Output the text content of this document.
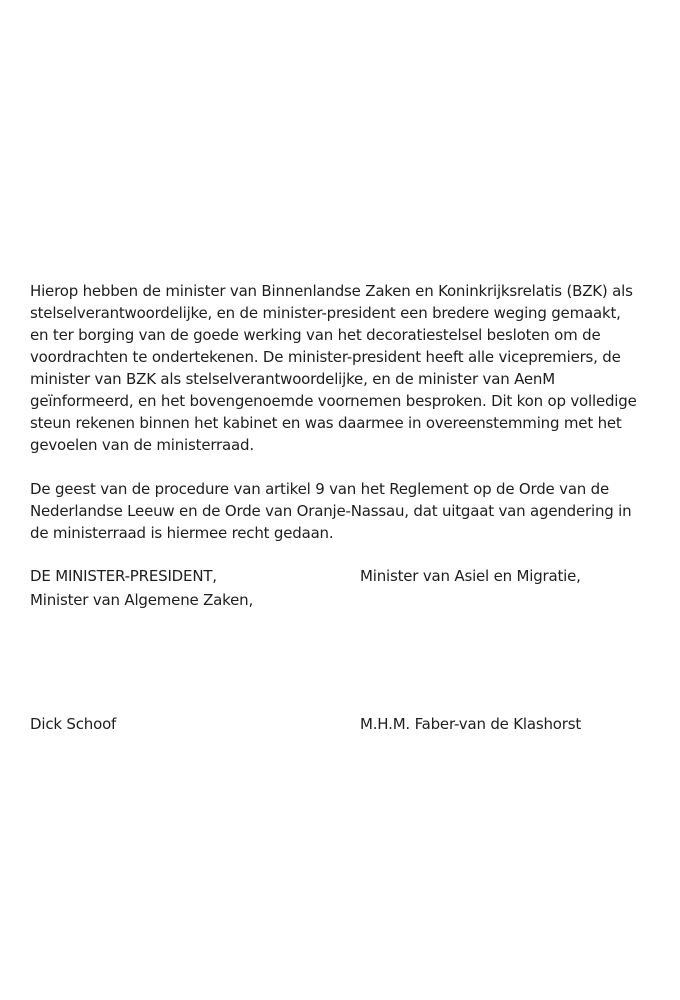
Hierop hebben de minister van Binnenlandse Zaken en Koninkrijksrelatis (BZK) als
stelselverantwoordelijke, en de minister-president een bredere weging gemaakt,
en ter borging van de goede werking van het decoratiestelsel besloten om de
voordrachten te ondertekenen. De minister-president heeft alle vicepremiers, de
minister van BZK als stelselverantwoordelijke, en de minister van AenM
geïnformeerd, en het bovengenoemde voornemen besproken. Dit kon op volledige
steun rekenen binnen het kabinet en was daarmee in overeenstemming met het
gevoelen van de ministerraad.
De geest van de procedure van artikel 9 van het Reglement op de Orde van de
Nederlandse Leeuw en de Orde van Oranje-Nassau, dat uitgaat van agendering in
de ministerraad is hiermee recht gedaan.
DE MINISTER-PRESIDENT,
Minister van Algemene Zaken,
Minister van Asiel en Migratie,
Dick Schoof	M.H.M. Faber-van de Klashorst
